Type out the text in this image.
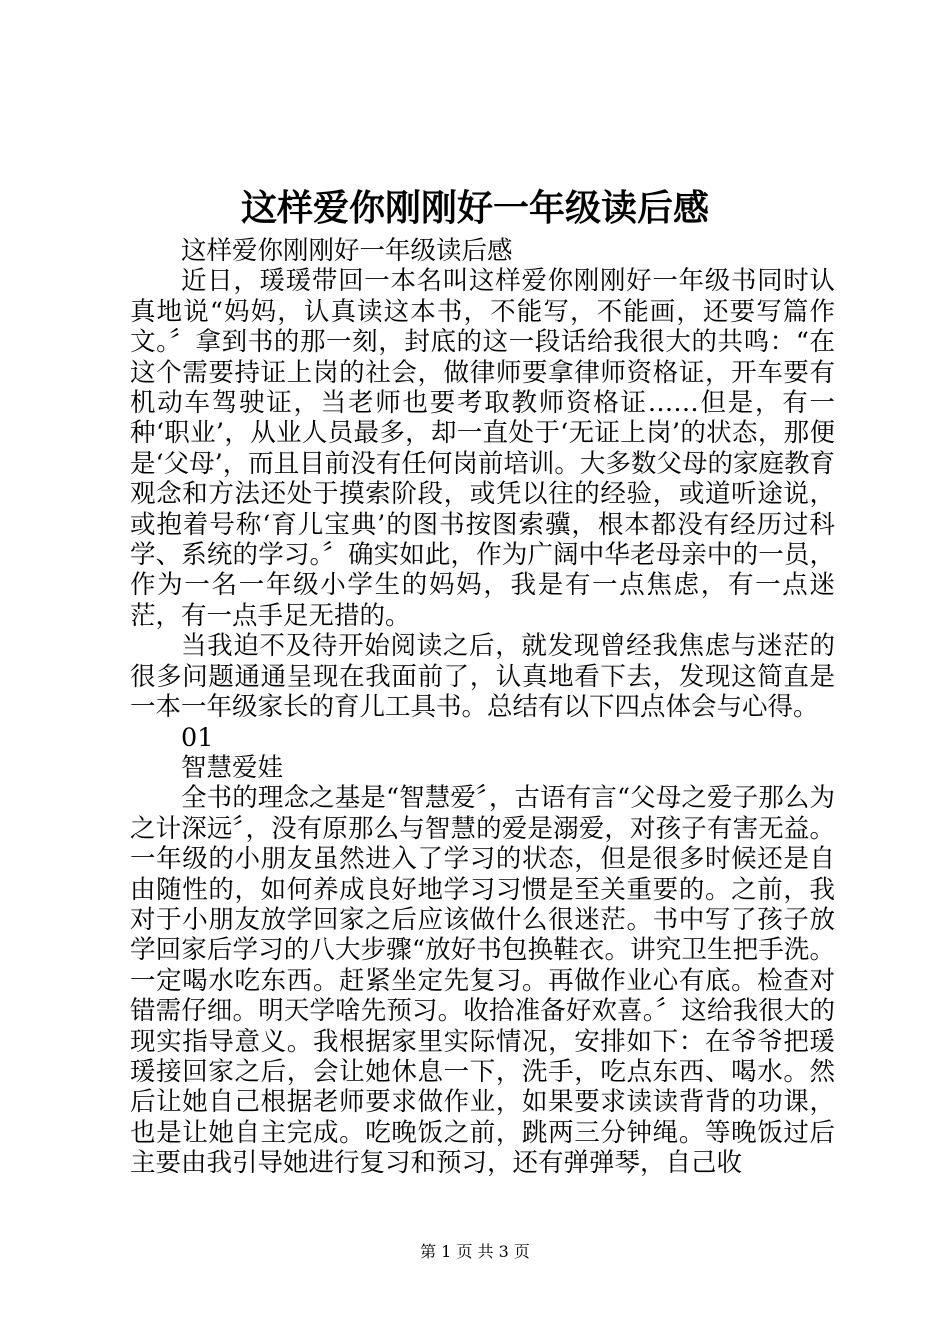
这样爱你刚刚好一年级读后感

这样爱你刚刚好一年级读后感

近日，瑗瑗带回一本名叫这样爱你刚刚好一年级书同时认真地说“妈妈，认真读这本书，不能写，不能画，还要写篇作文。〞拿到书的那一刻，封底的这一段话给我很大的共鸣：“在这个需要持证上岗的社会，做律师要拿律师资格证，开车要有机动车驾驶证，当老师也要考取教师资格证……但是，有一种‘职业’，从业人员最多，却一直处于‘无证上岗’的状态，那便是‘父母’，而且目前没有任何岗前培训。大多数父母的家庭教育观念和方法还处于摸索阶段，或凭以往的经验，或道听途说，或抱着号称‘育儿宝典’的图书按图索骥，根本都没有经历过科学、系统的学习。〞确实如此，作为广阔中华老母亲中的一员，作为一名一年级小学生的妈妈，我是有一点焦虑，有一点迷茫，有一点手足无措的。

当我迫不及待开始阅读之后，就发现曾经我焦虑与迷茫的很多问题通通呈现在我面前了，认真地看下去，发现这简直是一本一年级家长的育儿工具书。总结有以下四点体会与心得。

01

智慧爱娃

全书的理念之基是“智慧爱〞，古语有言“父母之爱子那么为之计深远〞，没有原那么与智慧的爱是溺爱，对孩子有害无益。一年级的小朋友虽然进入了学习的状态，但是很多时候还是自由随性的，如何养成良好地学习习惯是至关重要的。之前，我对于小朋友放学回家之后应该做什么很迷茫。书中写了孩子放学回家后学习的八大步骤“放好书包换鞋衣。讲究卫生把手洗。一定喝水吃东西。赶紧坐定先复习。再做作业心有底。检查对错需仔细。明天学啥先预习。收拾准备好欢喜。〞这给我很大的现实指导意义。我根据家里实际情况，安排如下：在爷爷把瑗瑗接回家之后，会让她休息一下，洗手，吃点东西、喝水。然后让她自己根据老师要求做作业，如果要求读读背背的功课，也是让她自主完成。吃晚饭之前，跳两三分钟绳。等晚饭过后主要由我引导她进行复习和预习，还有弹弹琴，自己收

第 1 页 共 3 页
